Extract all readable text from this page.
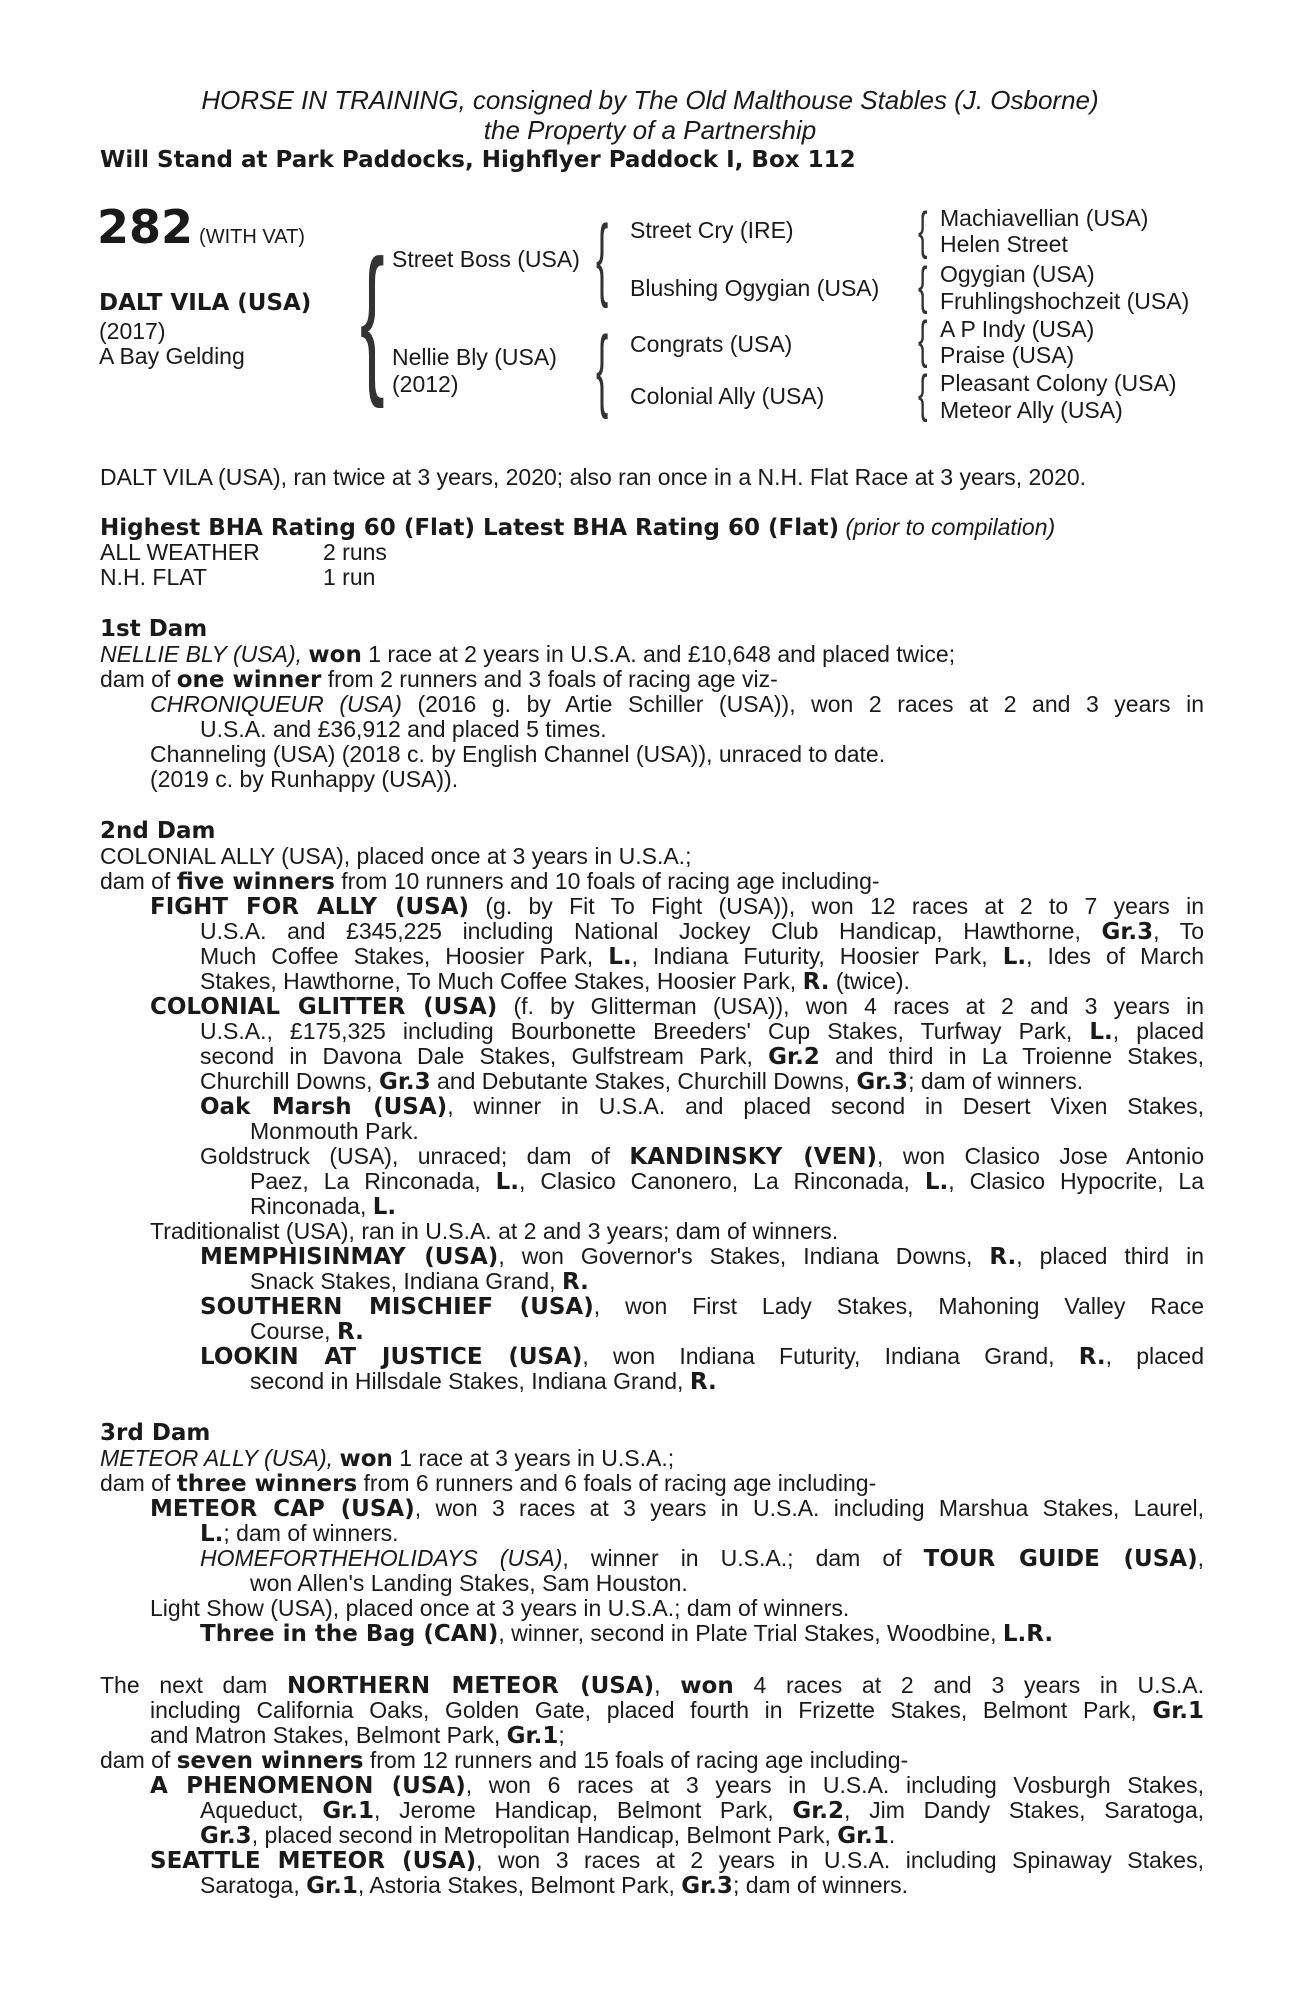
HORSE IN TRAINING, consigned by The Old Malthouse Stables (J. Osborne)
the Property of a Partnership
Will Stand at Park Paddocks, Highflyer Paddock I, Box 112
282 (WITH VAT)
DALT VILA (USA)
(2017)
A Bay Gelding { Street Boss (USA)
Nellie Bly (USA)
(2012)
{
{
Street Cry (IRE)
Blushing Ogygian (USA)
Congrats (USA)
Colonial Ally (USA)
{
{
{
{
Machiavellian (USA)
Helen Street
Ogygian (USA)
Fruhlingshochzeit (USA)
A P Indy (USA)
Praise (USA)
Pleasant Colony (USA)
Meteor Ally (USA)
DALT VILA (USA), ran twice at 3 years, 2020; also ran once in a N.H. Flat Race at 3 years, 2020.
Highest BHA Rating 60 (Flat) Latest BHA Rating 60 (Flat) (prior to compilation)
ALL WEATHER	2 runs
N.H. FLAT	1 run
1st Dam
NELLIE BLY (USA), won 1 race at 2 years in U.S.A. and £10,648 and placed twice;
dam of one winner from 2 runners and 3 foals of racing age viz-
CHRONIQUEUR (USA) (2016 g. by Artie Schiller (USA)), won 2 races at 2 and 3 years in
U.S.A. and £36,912 and placed 5 times.
Channeling (USA) (2018 c. by English Channel (USA)), unraced to date.
(2019 c. by Runhappy (USA)).
2nd Dam
COLONIAL ALLY (USA), placed once at 3 years in U.S.A.;
dam of five winners from 10 runners and 10 foals of racing age including-
FIGHT FOR ALLY (USA) (g. by Fit To Fight (USA)), won 12 races at 2 to 7 years in
U.S.A. and £345,225 including National Jockey Club Handicap, Hawthorne, Gr.3, To
Much Coffee Stakes, Hoosier Park, L., Indiana Futurity, Hoosier Park, L., Ides of March
Stakes, Hawthorne, To Much Coffee Stakes, Hoosier Park, R. (twice).
COLONIAL GLITTER (USA) (f. by Glitterman (USA)), won 4 races at 2 and 3 years in
U.S.A., £175,325 including Bourbonette Breeders' Cup Stakes, Turfway Park, L., placed
second in Davona Dale Stakes, Gulfstream Park, Gr.2 and third in La Troienne Stakes,
Churchill Downs, Gr.3 and Debutante Stakes, Churchill Downs, Gr.3; dam of winners.
Oak Marsh (USA), winner in U.S.A. and placed second in Desert Vixen Stakes,
Monmouth Park.
Goldstruck (USA), unraced; dam of KANDINSKY (VEN), won Clasico Jose Antonio
Paez, La Rinconada, L., Clasico Canonero, La Rinconada, L., Clasico Hypocrite, La
Rinconada, L.
Traditionalist (USA), ran in U.S.A. at 2 and 3 years; dam of winners.
MEMPHISINMAY (USA), won Governor's Stakes, Indiana Downs, R., placed third in
Snack Stakes, Indiana Grand, R.
SOUTHERN MISCHIEF (USA), won First Lady Stakes, Mahoning Valley Race
Course, R.
LOOKIN AT JUSTICE (USA), won Indiana Futurity, Indiana Grand, R., placed
second in Hillsdale Stakes, Indiana Grand, R.
3rd Dam
METEOR ALLY (USA), won 1 race at 3 years in U.S.A.;
dam of three winners from 6 runners and 6 foals of racing age including-
METEOR CAP (USA), won 3 races at 3 years in U.S.A. including Marshua Stakes, Laurel,
L.; dam of winners.
HOMEFORTHEHOLIDAYS (USA), winner in U.S.A.; dam of TOUR GUIDE (USA),
won Allen's Landing Stakes, Sam Houston.
Light Show (USA), placed once at 3 years in U.S.A.; dam of winners.
Three in the Bag (CAN), winner, second in Plate Trial Stakes, Woodbine, L.R.
The next dam NORTHERN METEOR (USA), won 4 races at 2 and 3 years in U.S.A.
including California Oaks, Golden Gate, placed fourth in Frizette Stakes, Belmont Park, Gr.1
and Matron Stakes, Belmont Park, Gr.1;
dam of seven winners from 12 runners and 15 foals of racing age including-
A PHENOMENON (USA), won 6 races at 3 years in U.S.A. including Vosburgh Stakes,
Aqueduct, Gr.1, Jerome Handicap, Belmont Park, Gr.2, Jim Dandy Stakes, Saratoga,
Gr.3, placed second in Metropolitan Handicap, Belmont Park, Gr.1.
SEATTLE METEOR (USA), won 3 races at 2 years in U.S.A. including Spinaway Stakes,
Saratoga, Gr.1, Astoria Stakes, Belmont Park, Gr.3; dam of winners.
